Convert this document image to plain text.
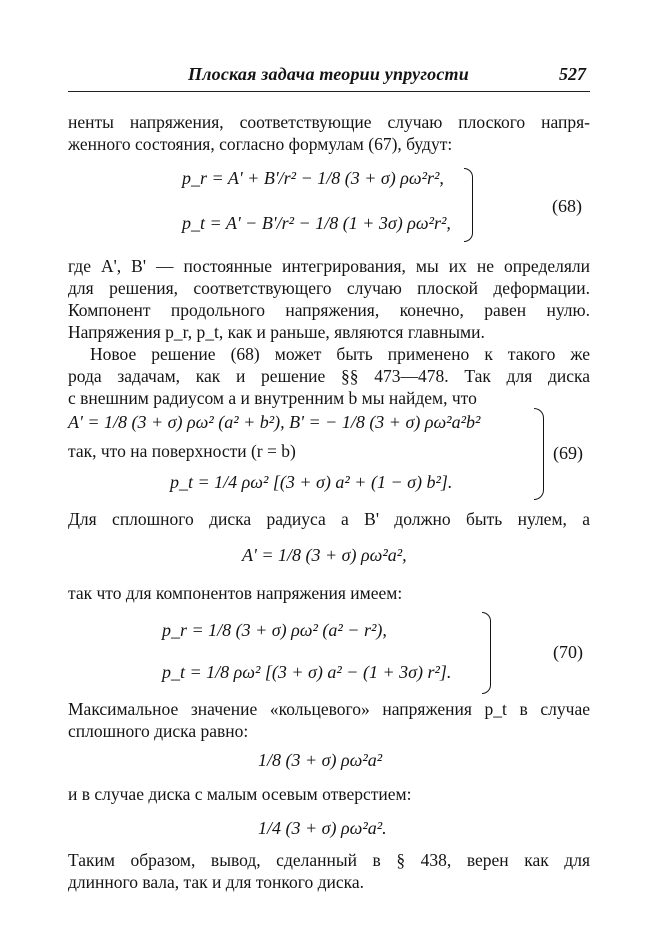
Плоская задача теории упругости	527
ненты напряжения, соответствующие случаю плоского напря-
женного состояния, согласно формулам (67), будут:
p_r = A' + B'/r² − 1/8 (3 + σ) ρω²r²,
p_t = A' − B'/r² − 1/8 (1 + 3σ) ρω²r²,
(68)
где A', B' — постоянные интегрирования, мы их не определяли
для решения, соответствующего случаю плоской деформации.
Компонент продольного напряжения, конечно, равен нулю.
Напряжения p_r, p_t, как и раньше, являются главными.
Новое решение (68) может быть применено к такого же
рода задачам, как и решение §§ 473—478. Так для диска
с внешним радиусом a и внутренним b мы найдем, что
A' = 1/8 (3 + σ) ρω² (a² + b²), B' = − 1/8 (3 + σ) ρω²a²b²
так, что на поверхности (r = b)
p_t = 1/4 ρω² [(3 + σ) a² + (1 − σ) b²].
(69)
Для сплошного диска радиуса a B' должно быть нулем, а
A' = 1/8 (3 + σ) ρω²a²,
так что для компонентов напряжения имеем:
p_r = 1/8 (3 + σ) ρω² (a² − r²),
p_t = 1/8 ρω² [(3 + σ) a² − (1 + 3σ) r²].
(70)
Максимальное значение «кольцевого» напряжения p_t в случае
сплошного диска равно:
1/8 (3 + σ) ρω²a²
и в случае диска с малым осевым отверстием:
1/4 (3 + σ) ρω²a².
Таким образом, вывод, сделанный в § 438, верен как для
длинного вала, так и для тонкого диска.
